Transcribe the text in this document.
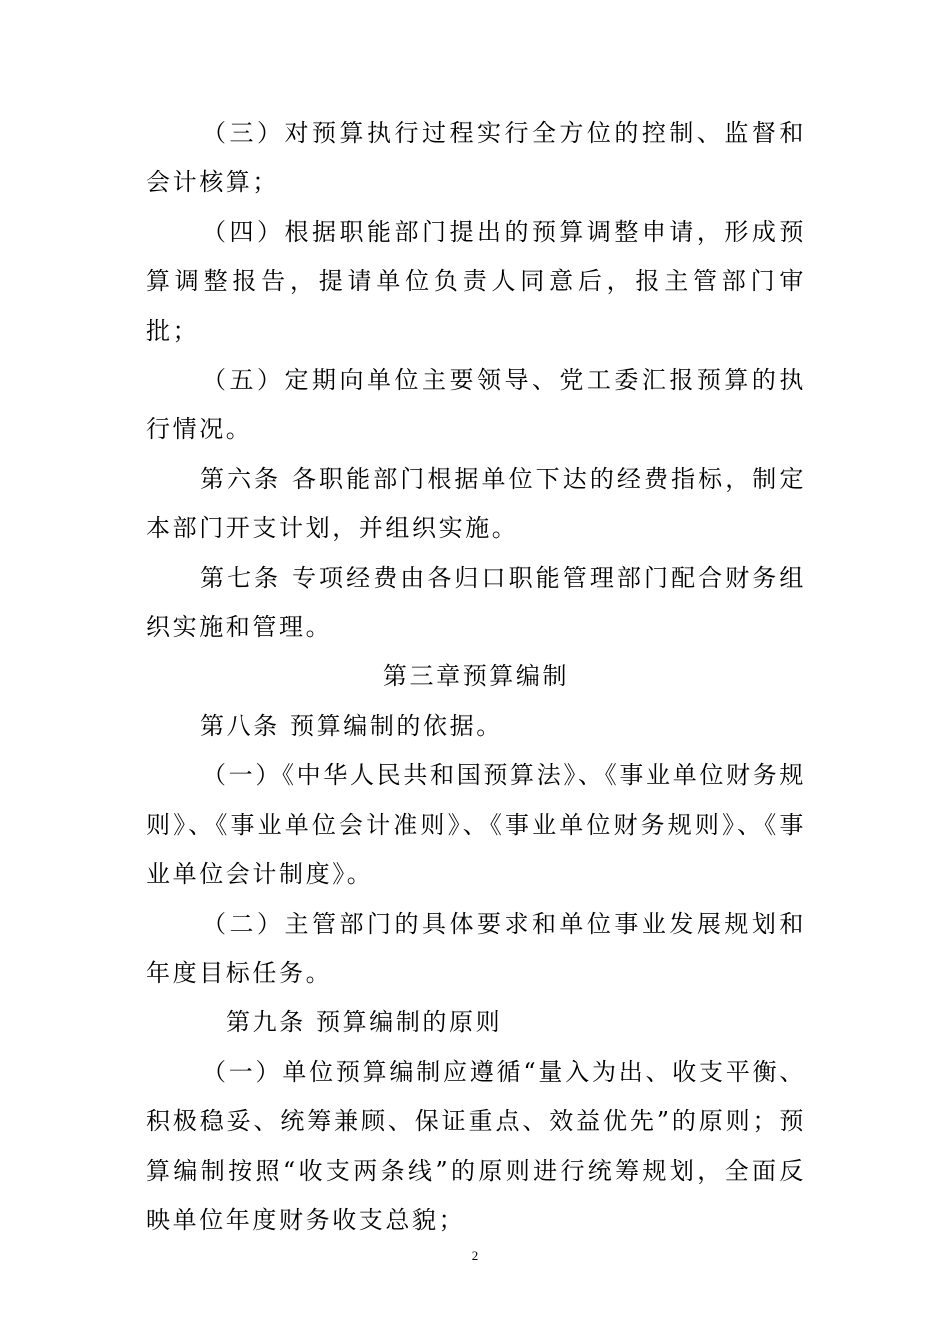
（三）对预算执行过程实行全方位的控制、监督和会计核算；

（四）根据职能部门提出的预算调整申请，形成预算调整报告，提请单位负责人同意后，报主管部门审批；

（五）定期向单位主要领导、党工委汇报预算的执行情况。

第六条 各职能部门根据单位下达的经费指标，制定本部门开支计划，并组织实施。

第七条 专项经费由各归口职能管理部门配合财务组织实施和管理。

第三章预算编制

第八条 预算编制的依据。

（一）《中华人民共和国预算法》、《事业单位财务规则》、《事业单位会计准则》、《事业单位财务规则》、《事业单位会计制度》。

（二）主管部门的具体要求和单位事业发展规划和年度目标任务。

第九条 预算编制的原则

（一）单位预算编制应遵循“量入为出、收支平衡、积极稳妥、统筹兼顾、保证重点、效益优先”的原则；预算编制按照“收支两条线”的原则进行统筹规划，全面反映单位年度财务收支总貌；

2
